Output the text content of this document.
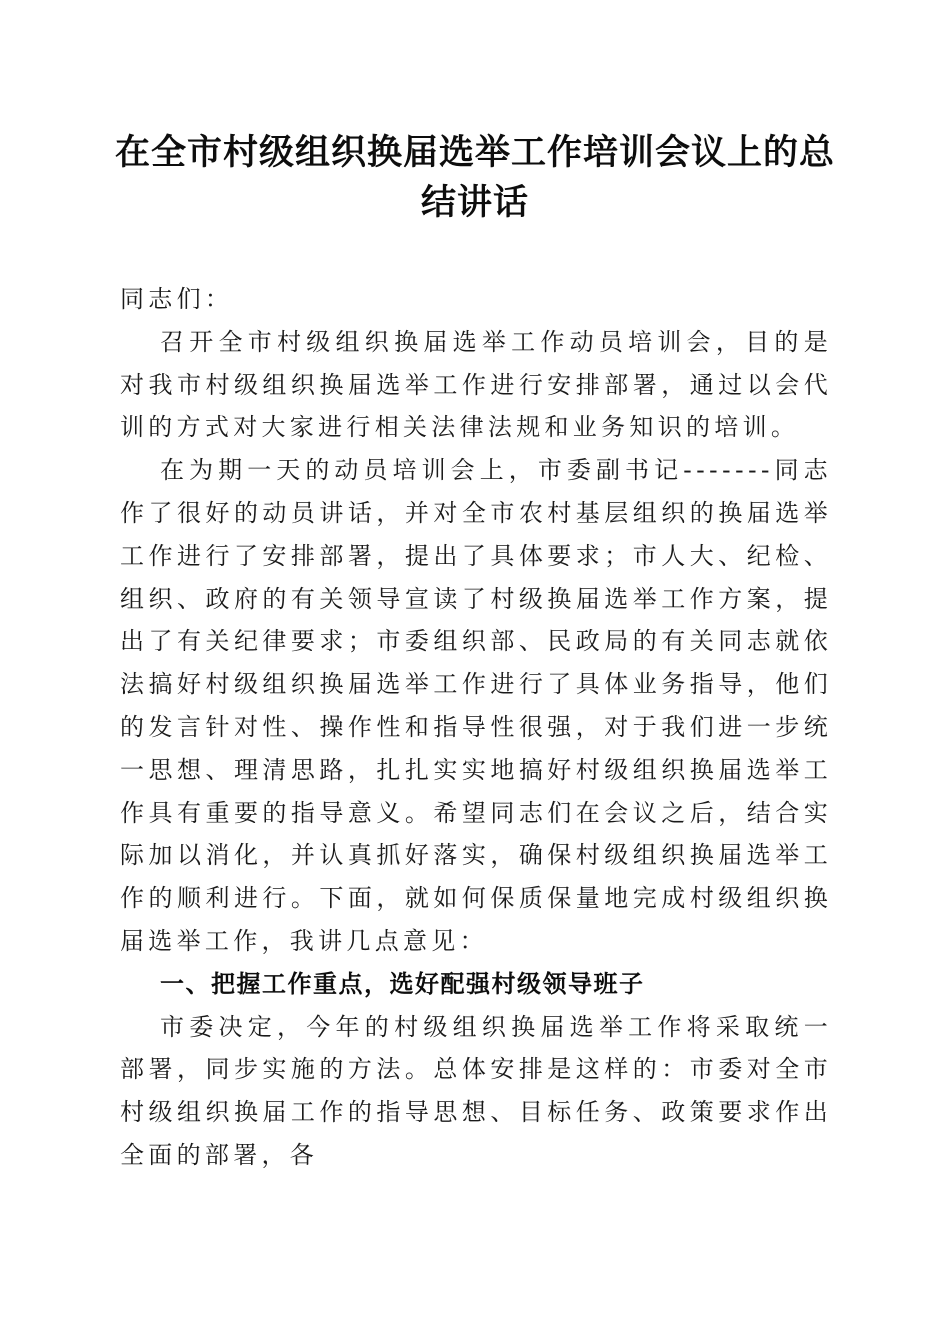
在全市村级组织换届选举工作培训会议上的总结讲话

同志们：

召开全市村级组织换届选举工作动员培训会，目的是对我市村级组织换届选举工作进行安排部署，通过以会代训的方式对大家进行相关法律法规和业务知识的培训。

在为期一天的动员培训会上，市委副书记-------同志作了很好的动员讲话，并对全市农村基层组织的换届选举工作进行了安排部署，提出了具体要求；市人大、纪检、组织、政府的有关领导宣读了村级换届选举工作方案，提出了有关纪律要求；市委组织部、民政局的有关同志就依法搞好村级组织换届选举工作进行了具体业务指导，他们的发言针对性、操作性和指导性很强，对于我们进一步统一思想、理清思路，扎扎实实地搞好村级组织换届选举工作具有重要的指导意义。希望同志们在会议之后，结合实际加以消化，并认真抓好落实，确保村级组织换届选举工作的顺利进行。下面，就如何保质保量地完成村级组织换届选举工作，我讲几点意见：

一、把握工作重点，选好配强村级领导班子

市委决定，今年的村级组织换届选举工作将采取统一部署，同步实施的方法。总体安排是这样的：市委对全市村级组织换届工作的指导思想、目标任务、政策要求作出全面的部署，各
